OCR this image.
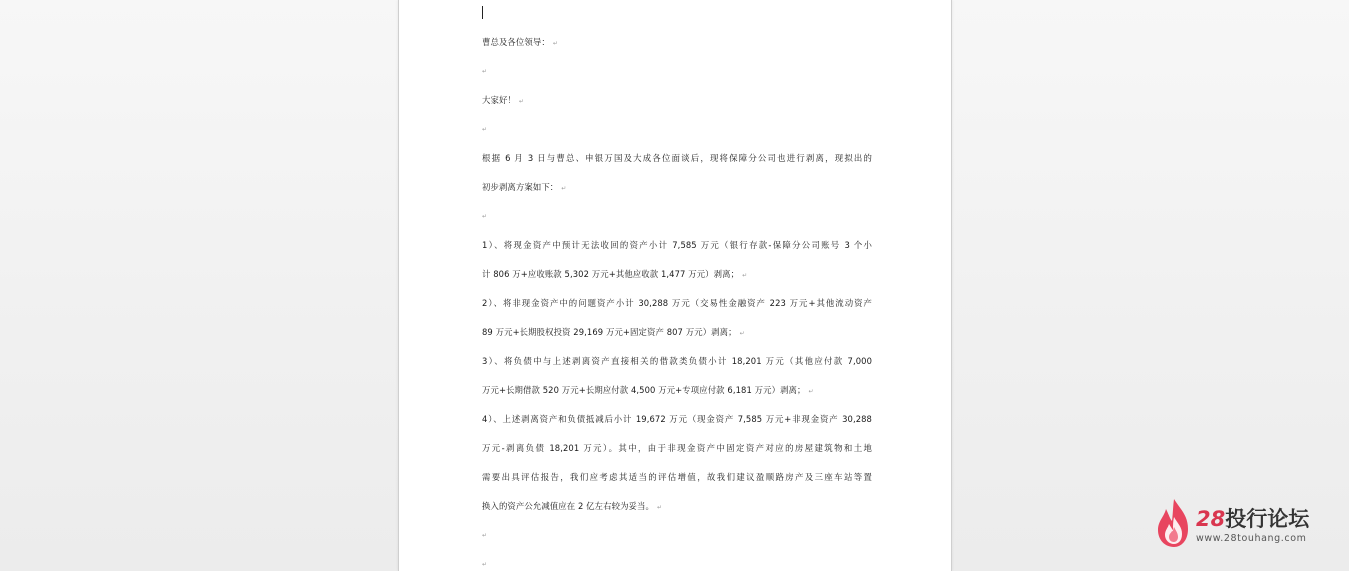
曹总及各位领导： ↵
↵
大家好！ ↵
↵
根据 6 月 3 日与曹总、申银万国及大成各位面谈后，现将保障分公司也进行剥离，现拟出的
初步剥离方案如下： ↵
↵
1）、将现金资产中预计无法收回的资产小计 7,585 万元（银行存款-保障分公司账号 3 个小
计 806 万+应收账款 5,302 万元+其他应收款 1,477 万元）剥离； ↵
2）、将非现金资产中的问题资产小计 30,288 万元（交易性金融资产 223 万元+其他流动资产
89 万元+长期股权投资 29,169 万元+固定资产 807 万元）剥离； ↵
3）、将负债中与上述剥离资产直接相关的借款类负债小计 18,201 万元（其他应付款 7,000
万元+长期借款 520 万元+长期应付款 4,500 万元+专项应付款 6,181 万元）剥离； ↵
4）、上述剥离资产和负债抵减后小计 19,672 万元（现金资产 7,585 万元+非现金资产 30,288
万元-剥离负债 18,201 万元）。其中，由于非现金资产中固定资产对应的房屋建筑物和土地
需要出具评估报告，我们应考虑其适当的评估增值，故我们建议盈顺路房产及三座车站等置
换入的资产公允减值应在 2 亿左右较为妥当。 ↵
↵
↵
28投行论坛
www.28touhang.com
